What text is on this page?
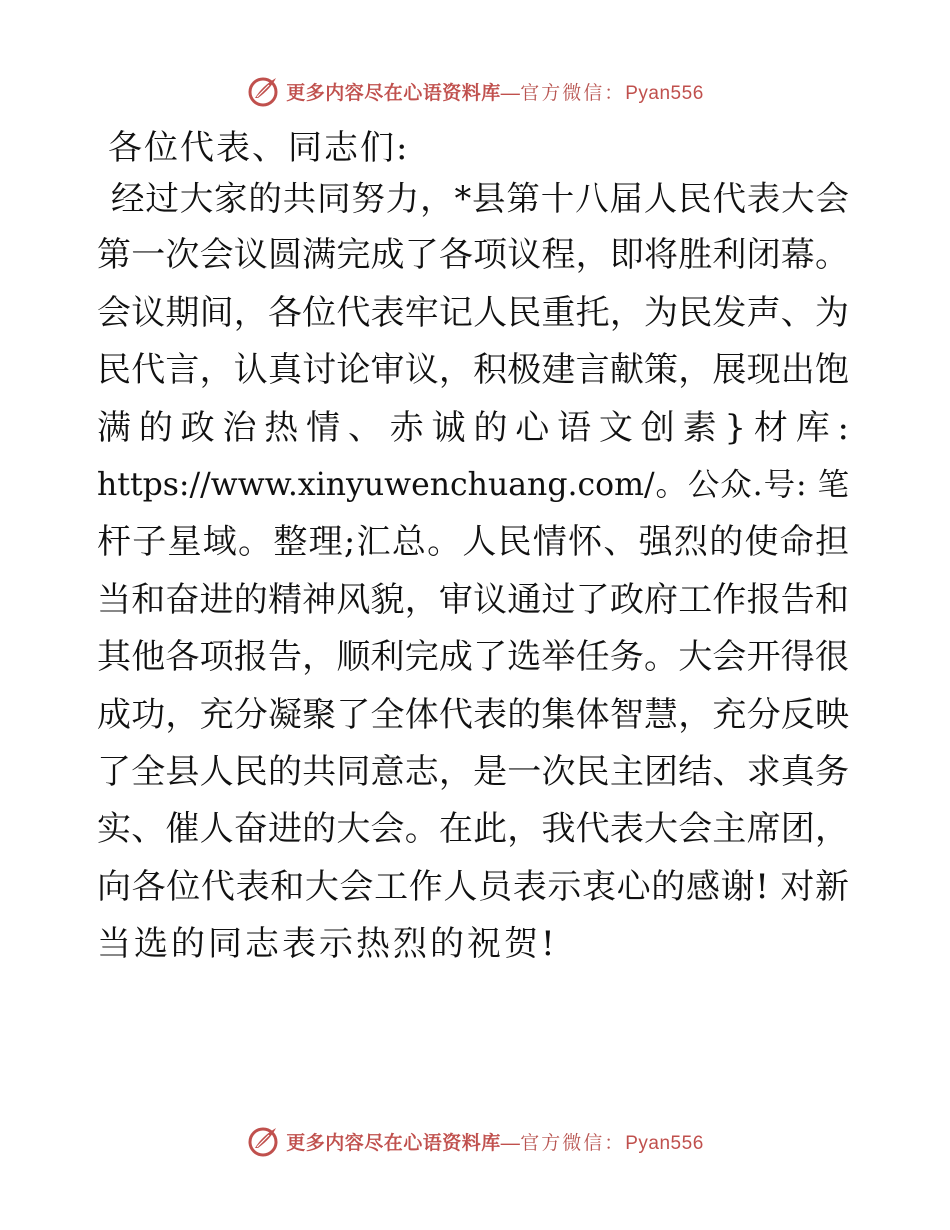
更多内容尽在心语资料库—官方微信：Pyan556

各位代表、同志们:

经过大家的共同努力，*县第十八届人民代表大会
第一次会议圆满完成了各项议程，即将胜利闭幕。
会议期间，各位代表牢记人民重托，为民发声、为
民代言，认真讨论审议，积极建言献策，展现出饱
满的政治热情、赤诚的心语文创素}材库:
https://www.xinyuwenchuang.com/。公众.号: 笔
杆子星域。整理;汇总。人民情怀、强烈的使命担
当和奋进的精神风貌，审议通过了政府工作报告和
其他各项报告，顺利完成了选举任务。大会开得很
成功，充分凝聚了全体代表的集体智慧，充分反映
了全县人民的共同意志，是一次民主团结、求真务
实、催人奋进的大会。在此，我代表大会主席团，
向各位代表和大会工作人员表示衷心的感谢! 对新
当选的同志表示热烈的祝贺!
更多内容尽在心语资料库—官方微信：Pyan556
